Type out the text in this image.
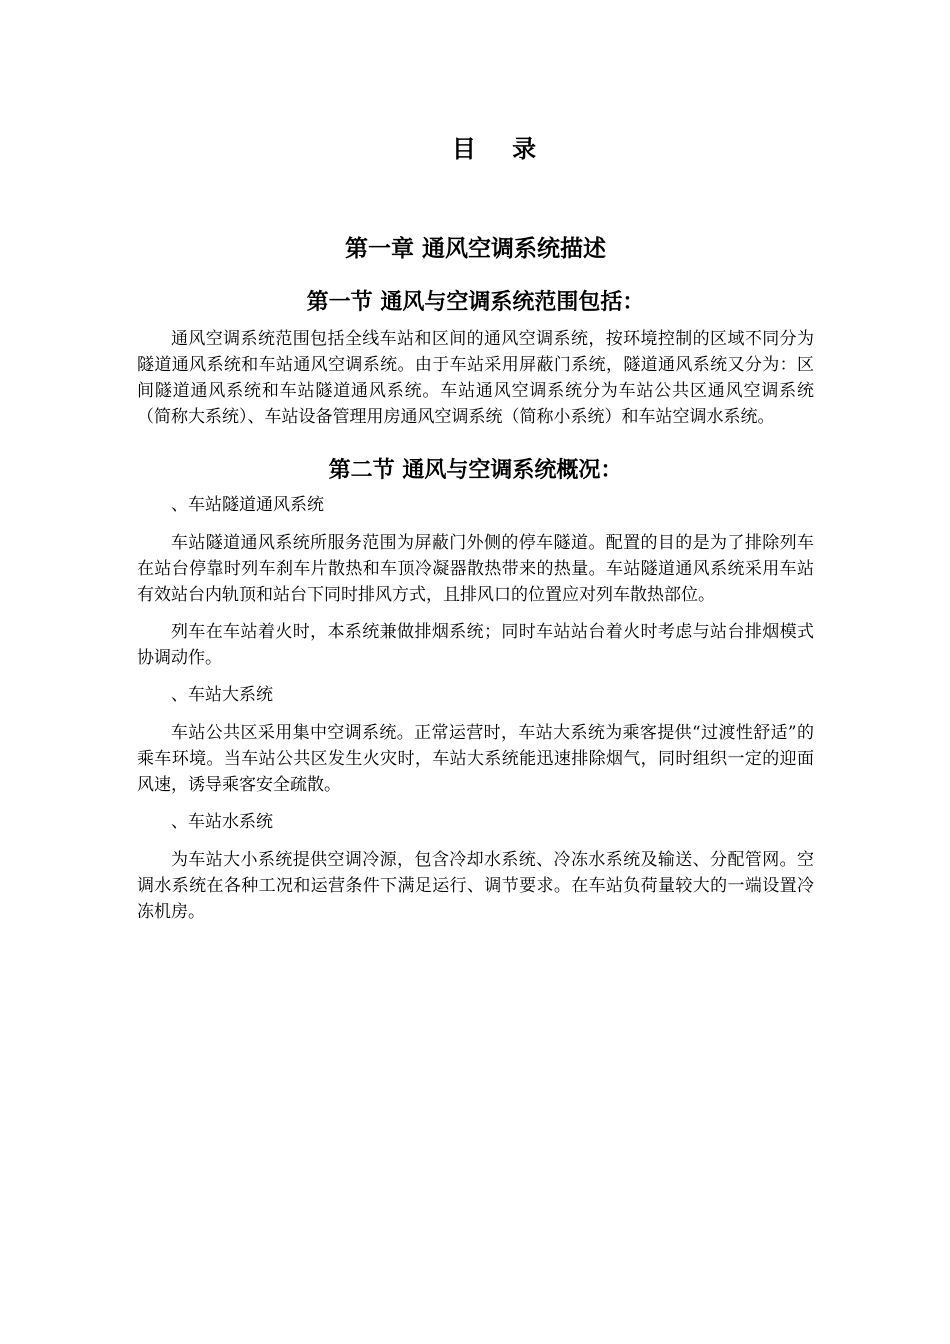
目 录
第一章 通风空调系统描述
第一节 通风与空调系统范围包括：

通风空调系统范围包括全线车站和区间的通风空调系统，按环境控制的区域不同分为隧道通风系统和车站通风空调系统。由于车站采用屏蔽门系统，隧道通风系统又分为：区间隧道通风系统和车站隧道通风系统。车站通风空调系统分为车站公共区通风空调系统（简称大系统）、车站设备管理用房通风空调系统（简称小系统）和车站空调水系统。

第二节 通风与空调系统概况：

、车站隧道通风系统

车站隧道通风系统所服务范围为屏蔽门外侧的停车隧道。配置的目的是为了排除列车在站台停靠时列车刹车片散热和车顶冷凝器散热带来的热量。车站隧道通风系统采用车站有效站台内轨顶和站台下同时排风方式，且排风口的位置应对列车散热部位。

列车在车站着火时，本系统兼做排烟系统；同时车站站台着火时考虑与站台排烟模式协调动作。

、车站大系统

车站公共区采用集中空调系统。正常运营时，车站大系统为乘客提供“过渡性舒适”的乘车环境。当车站公共区发生火灾时，车站大系统能迅速排除烟气，同时组织一定的迎面风速，诱导乘客安全疏散。

、车站水系统

为车站大小系统提供空调冷源，包含冷却水系统、冷冻水系统及输送、分配管网。空调水系统在各种工况和运营条件下满足运行、调节要求。在车站负荷量较大的一端设置冷冻机房。
